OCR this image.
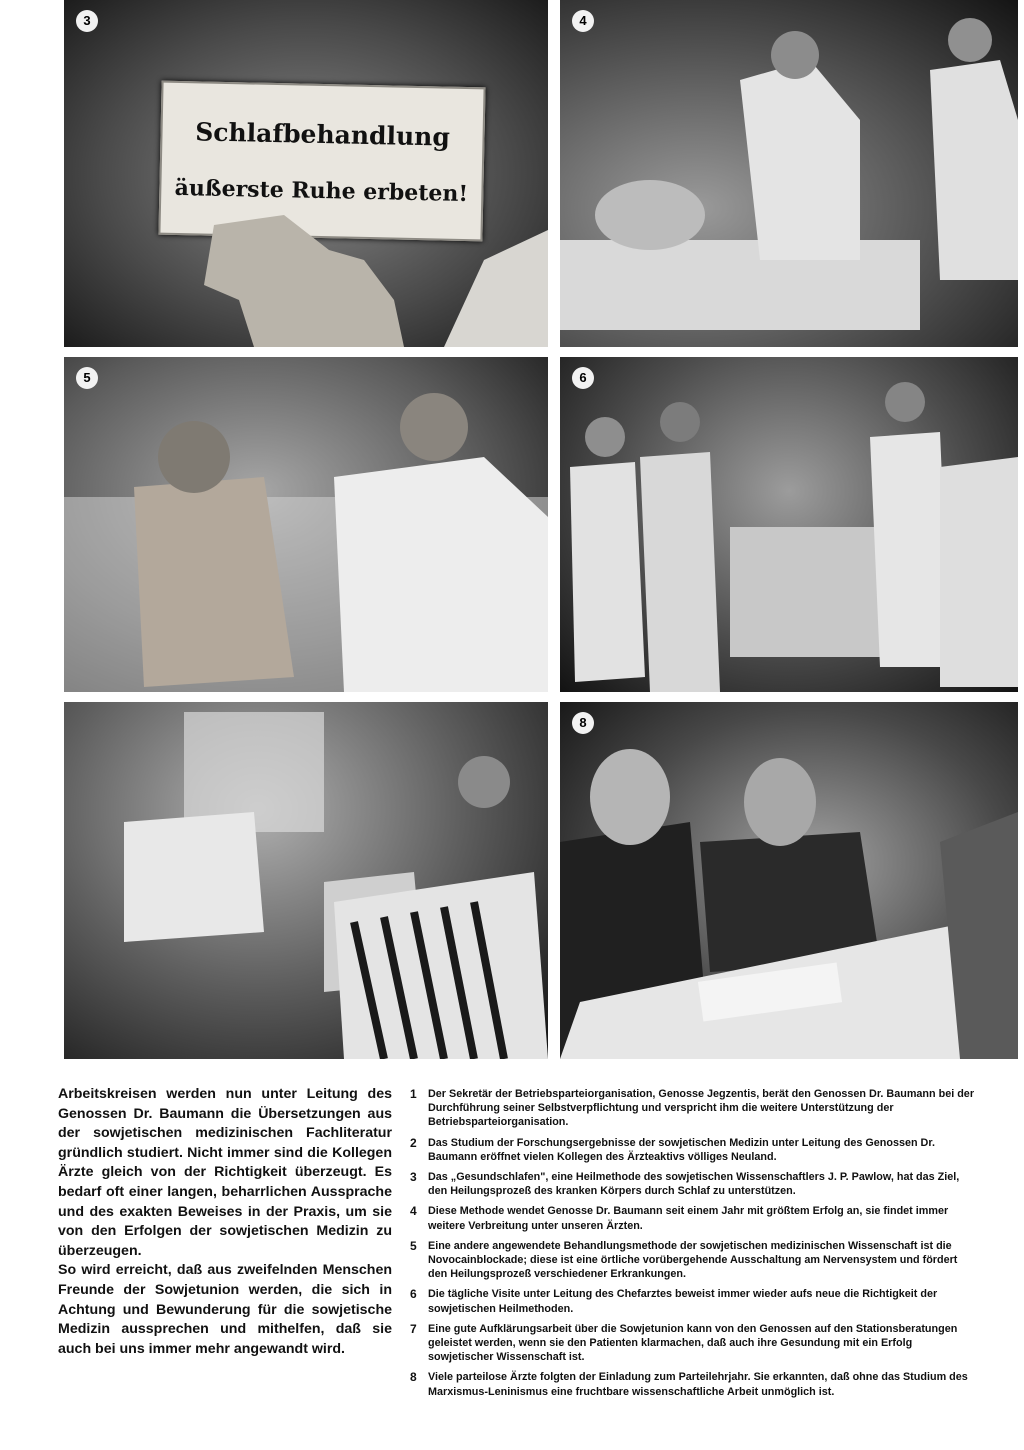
3
Schlafbehandlung
äußerste Ruhe erbeten!
4
5	6
8

Arbeitskreisen werden nun unter Leitung des Genossen Dr. Baumann die Übersetzungen aus der sowjetischen medizinischen Fachliteratur gründlich studiert. Nicht immer sind die Kollegen Ärzte gleich von der Richtigkeit überzeugt. Es bedarf oft einer langen, beharrlichen Aussprache und des exakten Beweises in der Praxis, um sie von den Erfolgen der sowjetischen Medizin zu überzeugen.

So wird erreicht, daß aus zweifelnden Menschen Freunde der Sowjetunion werden, die sich in Achtung und Bewunderung für die sowjetische Medizin aussprechen und mithelfen, daß sie auch bei uns immer mehr angewandt wird.

1 Der Sekretär der Betriebsparteiorganisation, Genosse Jegzentis, berät den Genossen Dr. Baumann bei der Durchführung seiner Selbstverpflichtung und verspricht ihm die weitere Unterstützung der Betriebsparteiorganisation.
2 Das Studium der Forschungsergebnisse der sowjetischen Medizin unter Leitung des Genossen Dr. Baumann eröffnet vielen Kollegen des Ärzteaktivs völliges Neuland.
3 Das „Gesundschlafen", eine Heilmethode des sowjetischen Wissenschaftlers J. P. Pawlow, hat das Ziel, den Heilungsprozeß des kranken Körpers durch Schlaf zu unterstützen.
4 Diese Methode wendet Genosse Dr. Baumann seit einem Jahr mit größtem Erfolg an, sie findet immer weitere Verbreitung unter unseren Ärzten.
5 Eine andere angewendete Behandlungsmethode der sowjetischen medizinischen Wissenschaft ist die Novocainblockade; diese ist eine örtliche vorübergehende Ausschaltung am Nervensystem und fördert den Heilungsprozeß verschiedener Erkrankungen.
6 Die tägliche Visite unter Leitung des Chefarztes beweist immer wieder aufs neue die Richtigkeit der sowjetischen Heilmethoden.
7 Eine gute Aufklärungsarbeit über die Sowjetunion kann von den Genossen auf den Stationsberatungen geleistet werden, wenn sie den Patienten klarmachen, daß auch ihre Gesundung mit ein Erfolg sowjetischer Wissenschaft ist.
8 Viele parteilose Ärzte folgten der Einladung zum Parteilehrjahr. Sie erkannten, daß ohne das Studium des Marxismus-Leninismus eine fruchtbare wissenschaftliche Arbeit unmöglich ist.
